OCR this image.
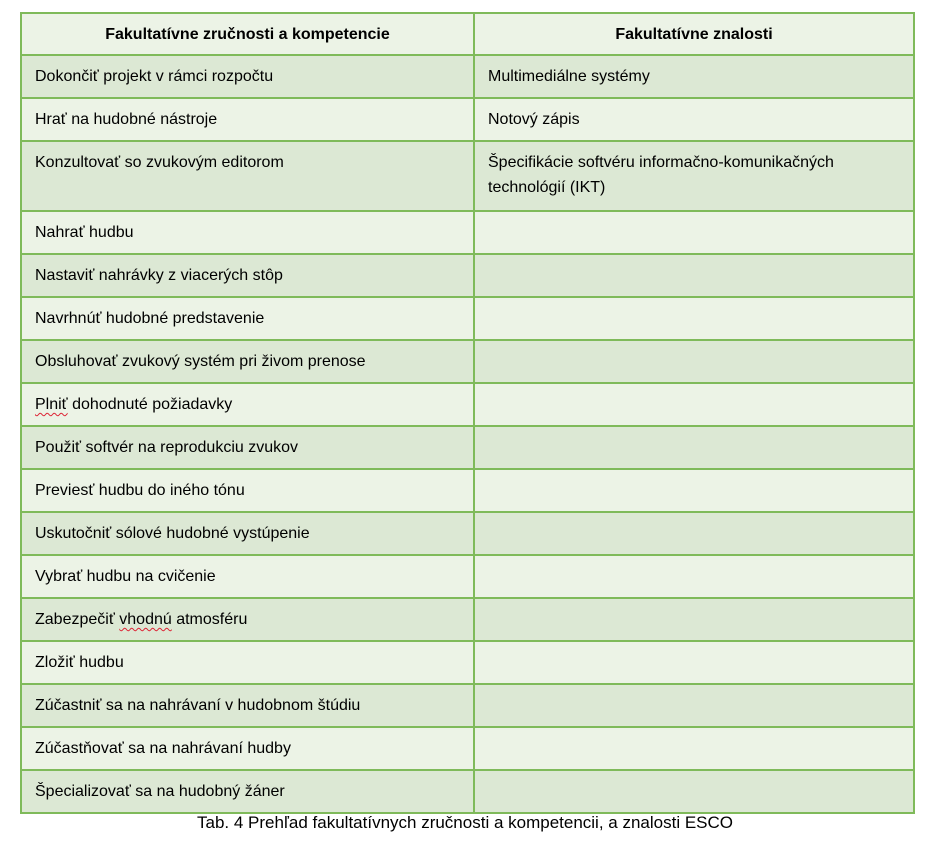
Fakultatívne zručnosti a kompetencie	Fakultatívne znalosti
Dokončiť projekt v rámci rozpočtu	Multimediálne systémy
Hrať na hudobné nástroje	Notový zápis
Konzultovať so zvukovým editorom	Špecifikácie softvéru informačno-komunikačných technológií (IKT)
Nahrať hudbu	
Nastaviť nahrávky z viacerých stôp	
Navrhnúť hudobné predstavenie	
Obsluhovať zvukový systém pri živom prenose	
Plniť dohodnuté požiadavky	
Použiť softvér na reprodukciu zvukov	
Previesť hudbu do iného tónu	
Uskutočniť sólové hudobné vystúpenie	
Vybrať hudbu na cvičenie	
Zabezpečiť vhodnú atmosféru	
Zložiť hudbu	
Zúčastniť sa na nahrávaní v hudobnom štúdiu	
Zúčastňovať sa na nahrávaní hudby	
Špecializovať sa na hudobný žáner	
Tab. 4 Prehľad fakultatívnych zručnosti a kompetencii, a znalosti ESCO
